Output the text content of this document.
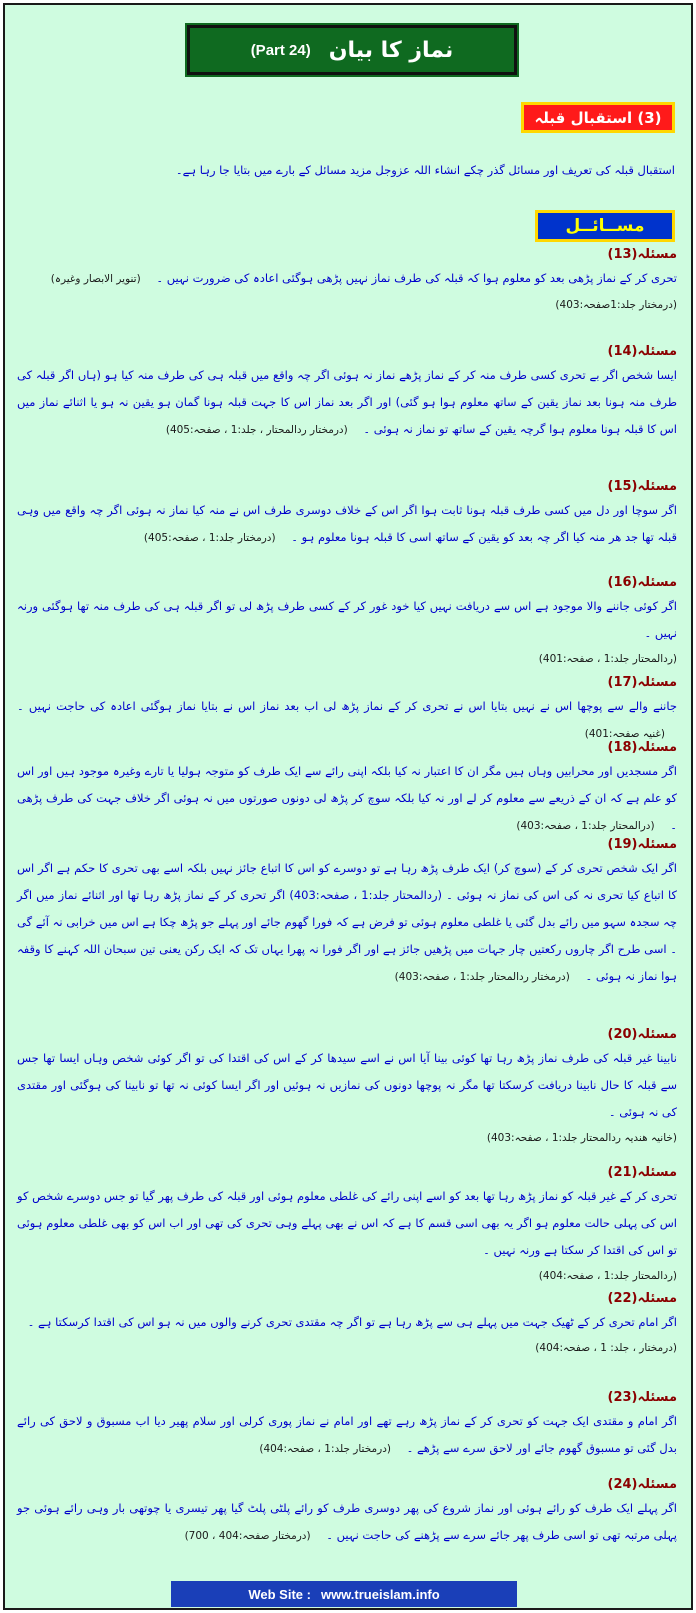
نماز کا بیان
(Part 24)
(3) استقبال قبلہ
استقبال قبلہ کی تعریف اور مسائل گذر چکے انشاء اللہ عزوجل مزید مسائل کے بارے میں بتایا جا رہا ہے۔
مســائــل
مسئلہ(13)
تحری کر کے نماز پڑھی بعد کو معلوم ہوا کہ قبلہ کی طرف نماز نہیں پڑھی ہوگئی اعادہ کی ضرورت نہیں ۔ (تنویر الابصار وغیرہ)
(درمختار جلد:1صفحہ:403)
مسئلہ(14)
ایسا شخص اگر بے تحری کسی طرف منہ کر کے نماز پڑھے نماز نہ ہوئی اگر چہ واقع میں قبلہ ہی کی طرف منہ کیا ہو (ہاں اگر قبلہ کی طرف منہ ہونا بعد نماز یقین کے ساتھ معلوم ہوا ہو گئی) اور اگر بعد نماز اس کا جہت قبلہ ہونا گمان ہو یقین نہ ہو یا اثنائے نماز میں اس کا قبلہ ہونا معلوم ہوا گرچہ یقین کے ساتھ تو نماز نہ ہوئی ۔ (درمختار ردالمحتار ، جلد:1 ، صفحہ:405)
مسئلہ(15)
اگر سوچا اور دل میں کسی طرف قبلہ ہونا ثابت ہوا اگر اس کے خلاف دوسری طرف اس نے منہ کیا نماز نہ ہوئی اگر چہ واقع میں وہی قبلہ تھا جد ھر منہ کیا اگر چہ بعد کو یقین کے ساتھ اسی کا قبلہ ہونا معلوم ہو ۔ (درمختار جلد:1 ، صفحہ:405)
مسئلہ(16)
اگر کوئی جاننے والا موجود ہے اس سے دریافت نہیں کیا خود غور کر کے کسی طرف پڑھ لی تو اگر قبلہ ہی کی طرف منہ تھا ہوگئی ورنہ نہیں ۔
(ردالمحتار جلد:1 ، صفحہ:401)
مسئلہ(17)
جاننے والے سے پوچھا اس نے نہیں بتایا اس نے تحری کر کے نماز پڑھ لی اب بعد نماز اس نے بتایا نماز ہوگئی اعادہ کی حاجت نہیں ۔ (غنیہ صفحہ:401)
مسئلہ(18)
اگر مسجدیں اور محرابیں وہاں ہیں مگر ان کا اعتبار نہ کیا بلکہ اپنی رائے سے ایک طرف کو متوجہ ہولیا یا تارے وغیرہ موجود ہیں اور اس کو علم ہے کہ ان کے ذریعے سے معلوم کر لے اور نہ کیا بلکہ سوچ کر پڑھ لی دونوں صورتوں میں نہ ہوئی اگر خلاف جہت کی طرف پڑھی ۔ (درالمحتار جلد:1 ، صفحہ:403)
مسئلہ(19)
اگر ایک شخص تحری کر کے (سوچ کر) ایک طرف پڑھ رہا ہے تو دوسرے کو اس کا اتباع جائز نہیں بلکہ اسے بھی تحری کا حکم ہے اگر اس کا اتباع کیا تحری نہ کی اس کی نماز نہ ہوئی ۔ (ردالمحتار جلد:1 ، صفحہ:403) اگر تحری کر کے نماز پڑھ رہا تھا اور اثنائے نماز میں اگر چہ سجدہ سہو میں رائے بدل گئی یا غلطی معلوم ہوئی تو فرض ہے کہ فورا گھوم جائے اور پہلے جو پڑھ چکا ہے اس میں خرابی نہ آئے گی ۔ اسی طرح اگر چاروں رکعتیں چار جہات میں پڑھیں جائز ہے اور اگر فورا نہ پھرا یہاں تک کہ ایک رکن یعنی تین سبحان اللہ کہنے کا وقفہ ہوا نماز نہ ہوئی ۔ (درمختار ردالمحتار جلد:1 ، صفحہ:403)
مسئلہ(20)
نابینا غیر قبلہ کی طرف نماز پڑھ رہا تھا کوئی بینا آیا اس نے اسے سیدھا کر کے اس کی اقتدا کی تو اگر کوئی شخص وہاں ایسا تھا جس سے قبلہ کا حال نابینا دریافت کرسکتا تھا مگر نہ پوچھا دونوں کی نمازیں نہ ہوئیں اور اگر ایسا کوئی نہ تھا تو نابینا کی ہوگئی اور مقتدی کی نہ ہوئی ۔
(خانیہ هندیہ ردالمحتار جلد:1 ، صفحہ:403)
مسئلہ(21)
تحری کر کے غیر قبلہ کو نماز پڑھ رہا تھا بعد کو اسے اپنی رائے کی غلطی معلوم ہوئی اور قبلہ کی طرف پھر گیا تو جس دوسرے شخص کو اس کی پہلی حالت معلوم ہو اگر یہ بھی اسی قسم کا ہے کہ اس نے بھی پہلے وہی تحری کی تھی اور اب اس کو بھی غلطی معلوم ہوئی تو اس کی اقتدا کر سکتا ہے ورنہ نہیں ۔
(ردالمحتار جلد:1 ، صفحہ:404)
مسئلہ(22)
اگر امام تحری کر کے ٹھیک جہت میں پہلے ہی سے پڑھ رہا ہے تو اگر چہ مقتدی تحری کرنے والوں میں نہ ہو اس کی اقتدا کرسکتا ہے ۔
(درمختار ، جلد: 1 ، صفحہ:404)
مسئلہ(23)
اگر امام و مقتدی ایک جہت کو تحری کر کے نماز پڑھ رہے تھے اور امام نے نماز پوری کرلی اور سلام پھیر دیا اب مسبوق و لاحق کی رائے بدل گئی تو مسبوق گھوم جائے اور لاحق سرے سے پڑھے ۔ (درمختار جلد:1 ، صفحہ:404)
مسئلہ(24)
اگر پہلے ایک طرف کو رائے ہوئی اور نماز شروع کی پھر دوسری طرف کو رائے پلٹی پلٹ گیا پھر تیسری یا چوتھی بار وہی رائے ہوئی جو پہلی مرتبہ تھی تو اسی طرف پھر جائے سرے سے پڑھنے کی حاجت نہیں ۔ (درمختار صفحہ:404 ، 700)
Web Site : www.trueislam.info
